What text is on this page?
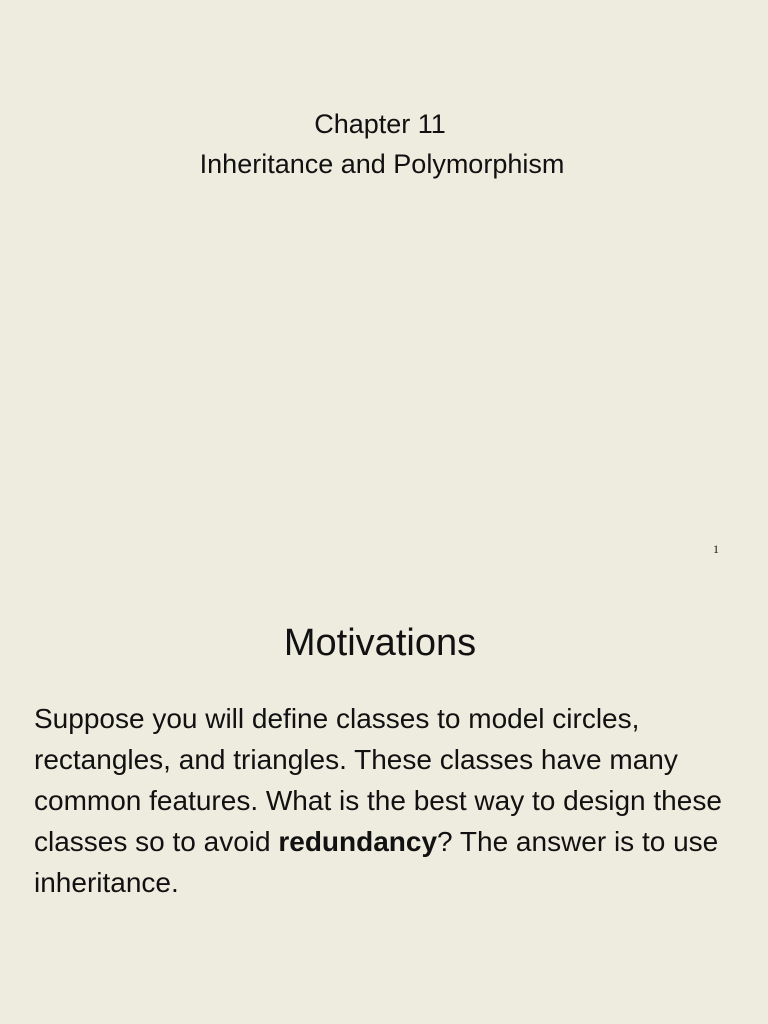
Chapter 11
Inheritance and Polymorphism
1
Motivations
Suppose you will define classes to model circles, rectangles, and triangles. These classes have many common features. What is the best way to design these classes so to avoid redundancy? The answer is to use inheritance.
